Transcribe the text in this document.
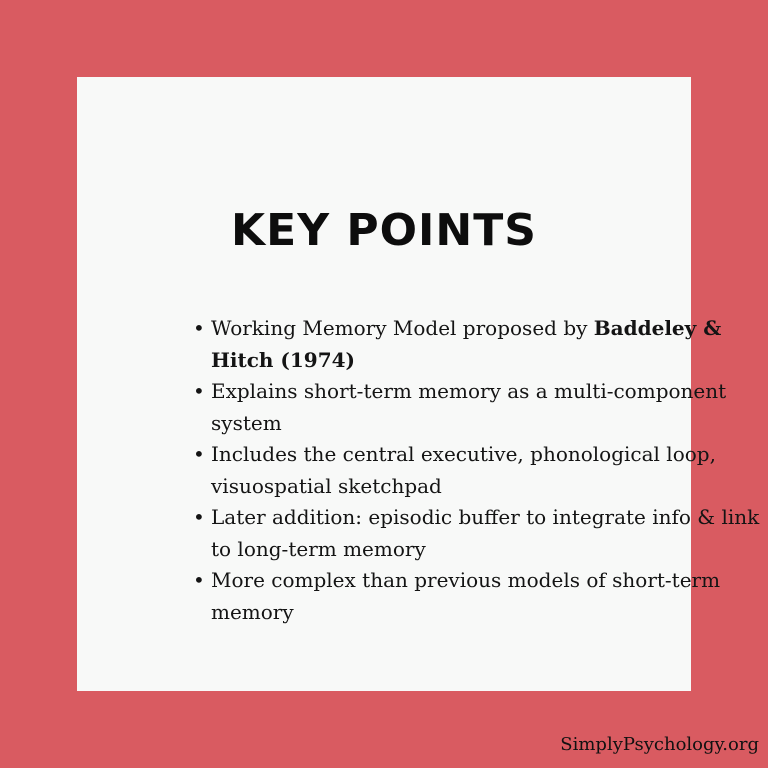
KEY POINTS
• Working Memory Model proposed by Baddeley & Hitch (1974)
• Explains short-term memory as a multi-component system
• Includes the central executive, phonological loop, visuospatial sketchpad
• Later addition: episodic buffer to integrate info & link to long-term memory
• More complex than previous models of short-term memory
SimplyPsychology.org
